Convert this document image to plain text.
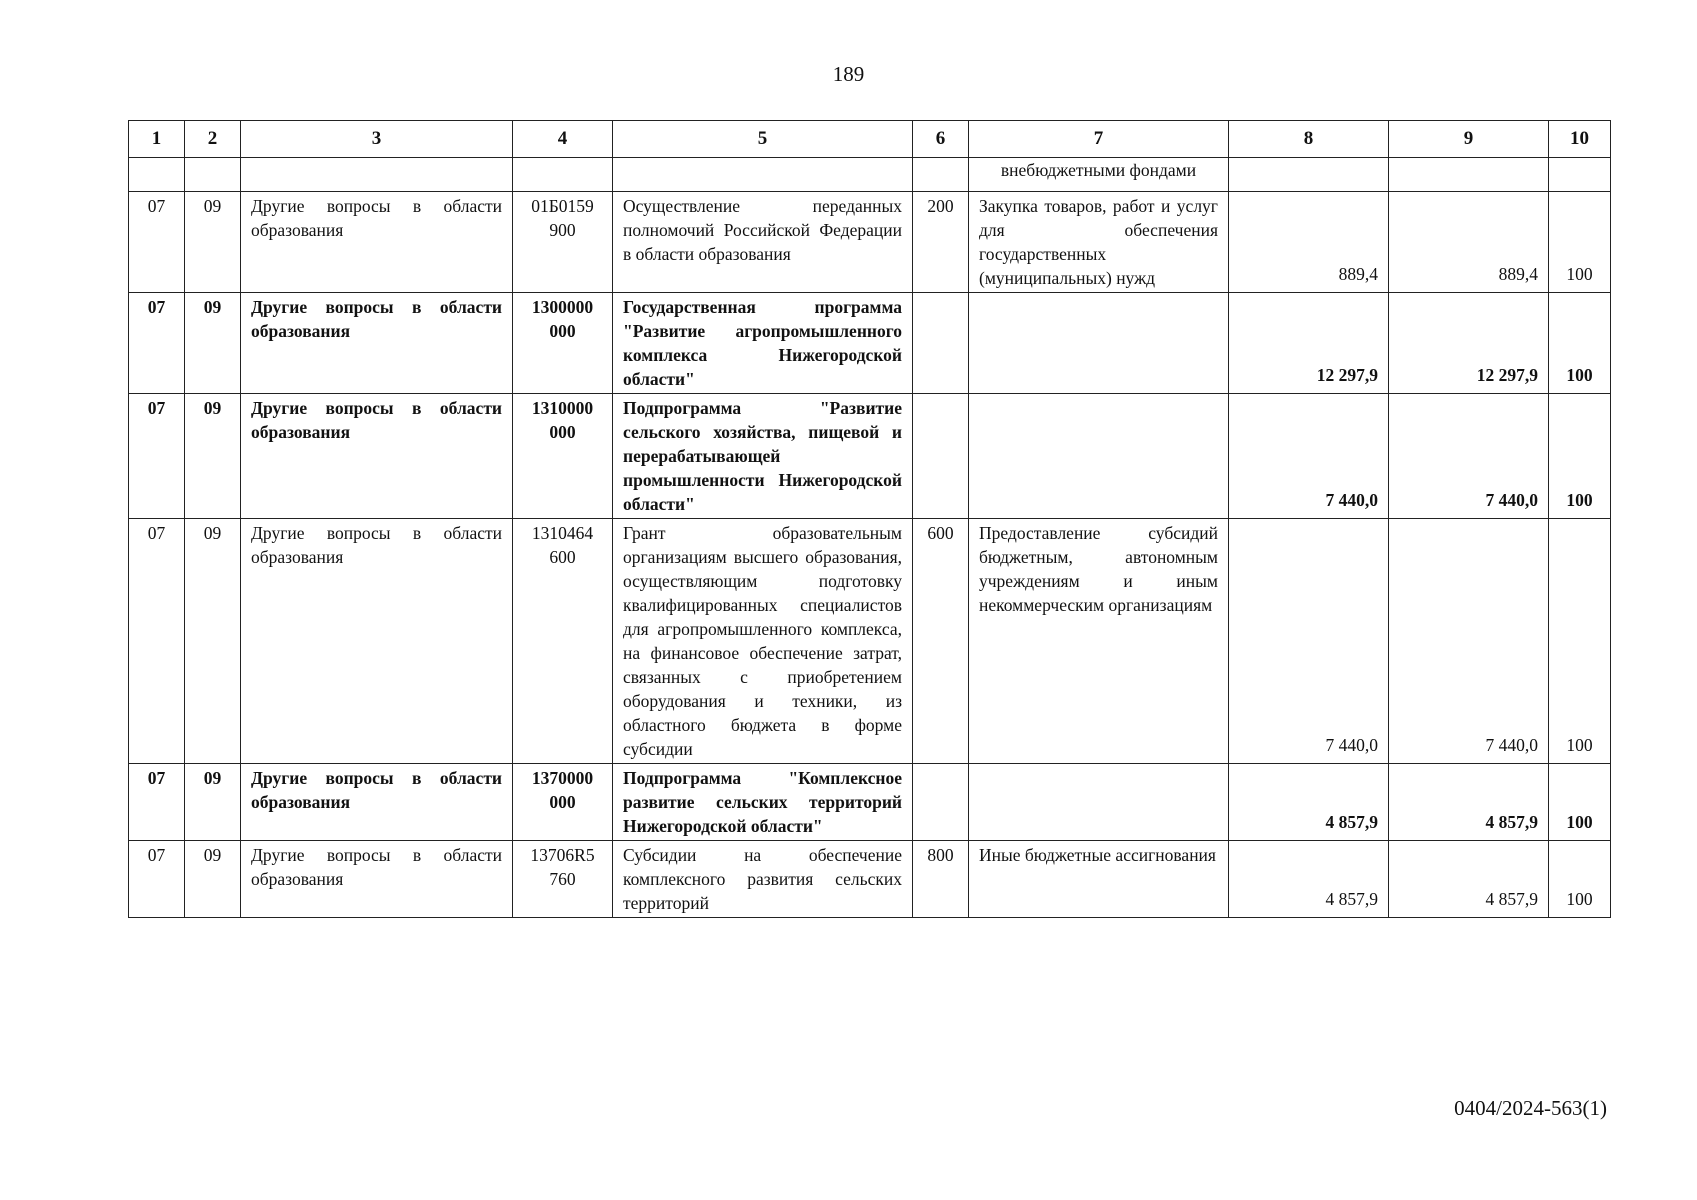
189
1	2	3	4	5	6	7	8	9	10
						внебюджетными фондами			
07	09	Другие вопросы в области образования	01Б0159 900	Осуществление переданных полномочий Российской Федерации в области образования	200	Закупка товаров, работ и услуг для обеспечения государственных (муниципальных) нужд	889,4	889,4	100
07	09	Другие вопросы в области образования	1300000 000	Государственная программа "Развитие агропромышленного комплекса Нижегородской области"			12 297,9	12 297,9	100
07	09	Другие вопросы в области образования	1310000 000	Подпрограмма "Развитие сельского хозяйства, пищевой и перерабатывающей промышленности Нижегородской области"			7 440,0	7 440,0	100
07	09	Другие вопросы в области образования	1310464 600	Грант образовательным организациям высшего образования, осуществляющим подготовку квалифицированных специалистов для агропромышленного комплекса, на финансовое обеспечение затрат, связанных с приобретением оборудования и техники, из областного бюджета в форме субсидии	600	Предоставление субсидий бюджетным, автономным учреждениям и иным некоммерческим организациям	7 440,0	7 440,0	100
07	09	Другие вопросы в области образования	1370000 000	Подпрограмма "Комплексное развитие сельских территорий Нижегородской области"			4 857,9	4 857,9	100
07	09	Другие вопросы в области образования	13706R5 760	Субсидии на обеспечение комплексного развития сельских территорий	800	Иные бюджетные ассигнования	4 857,9	4 857,9	100
0404/2024-563(1)
